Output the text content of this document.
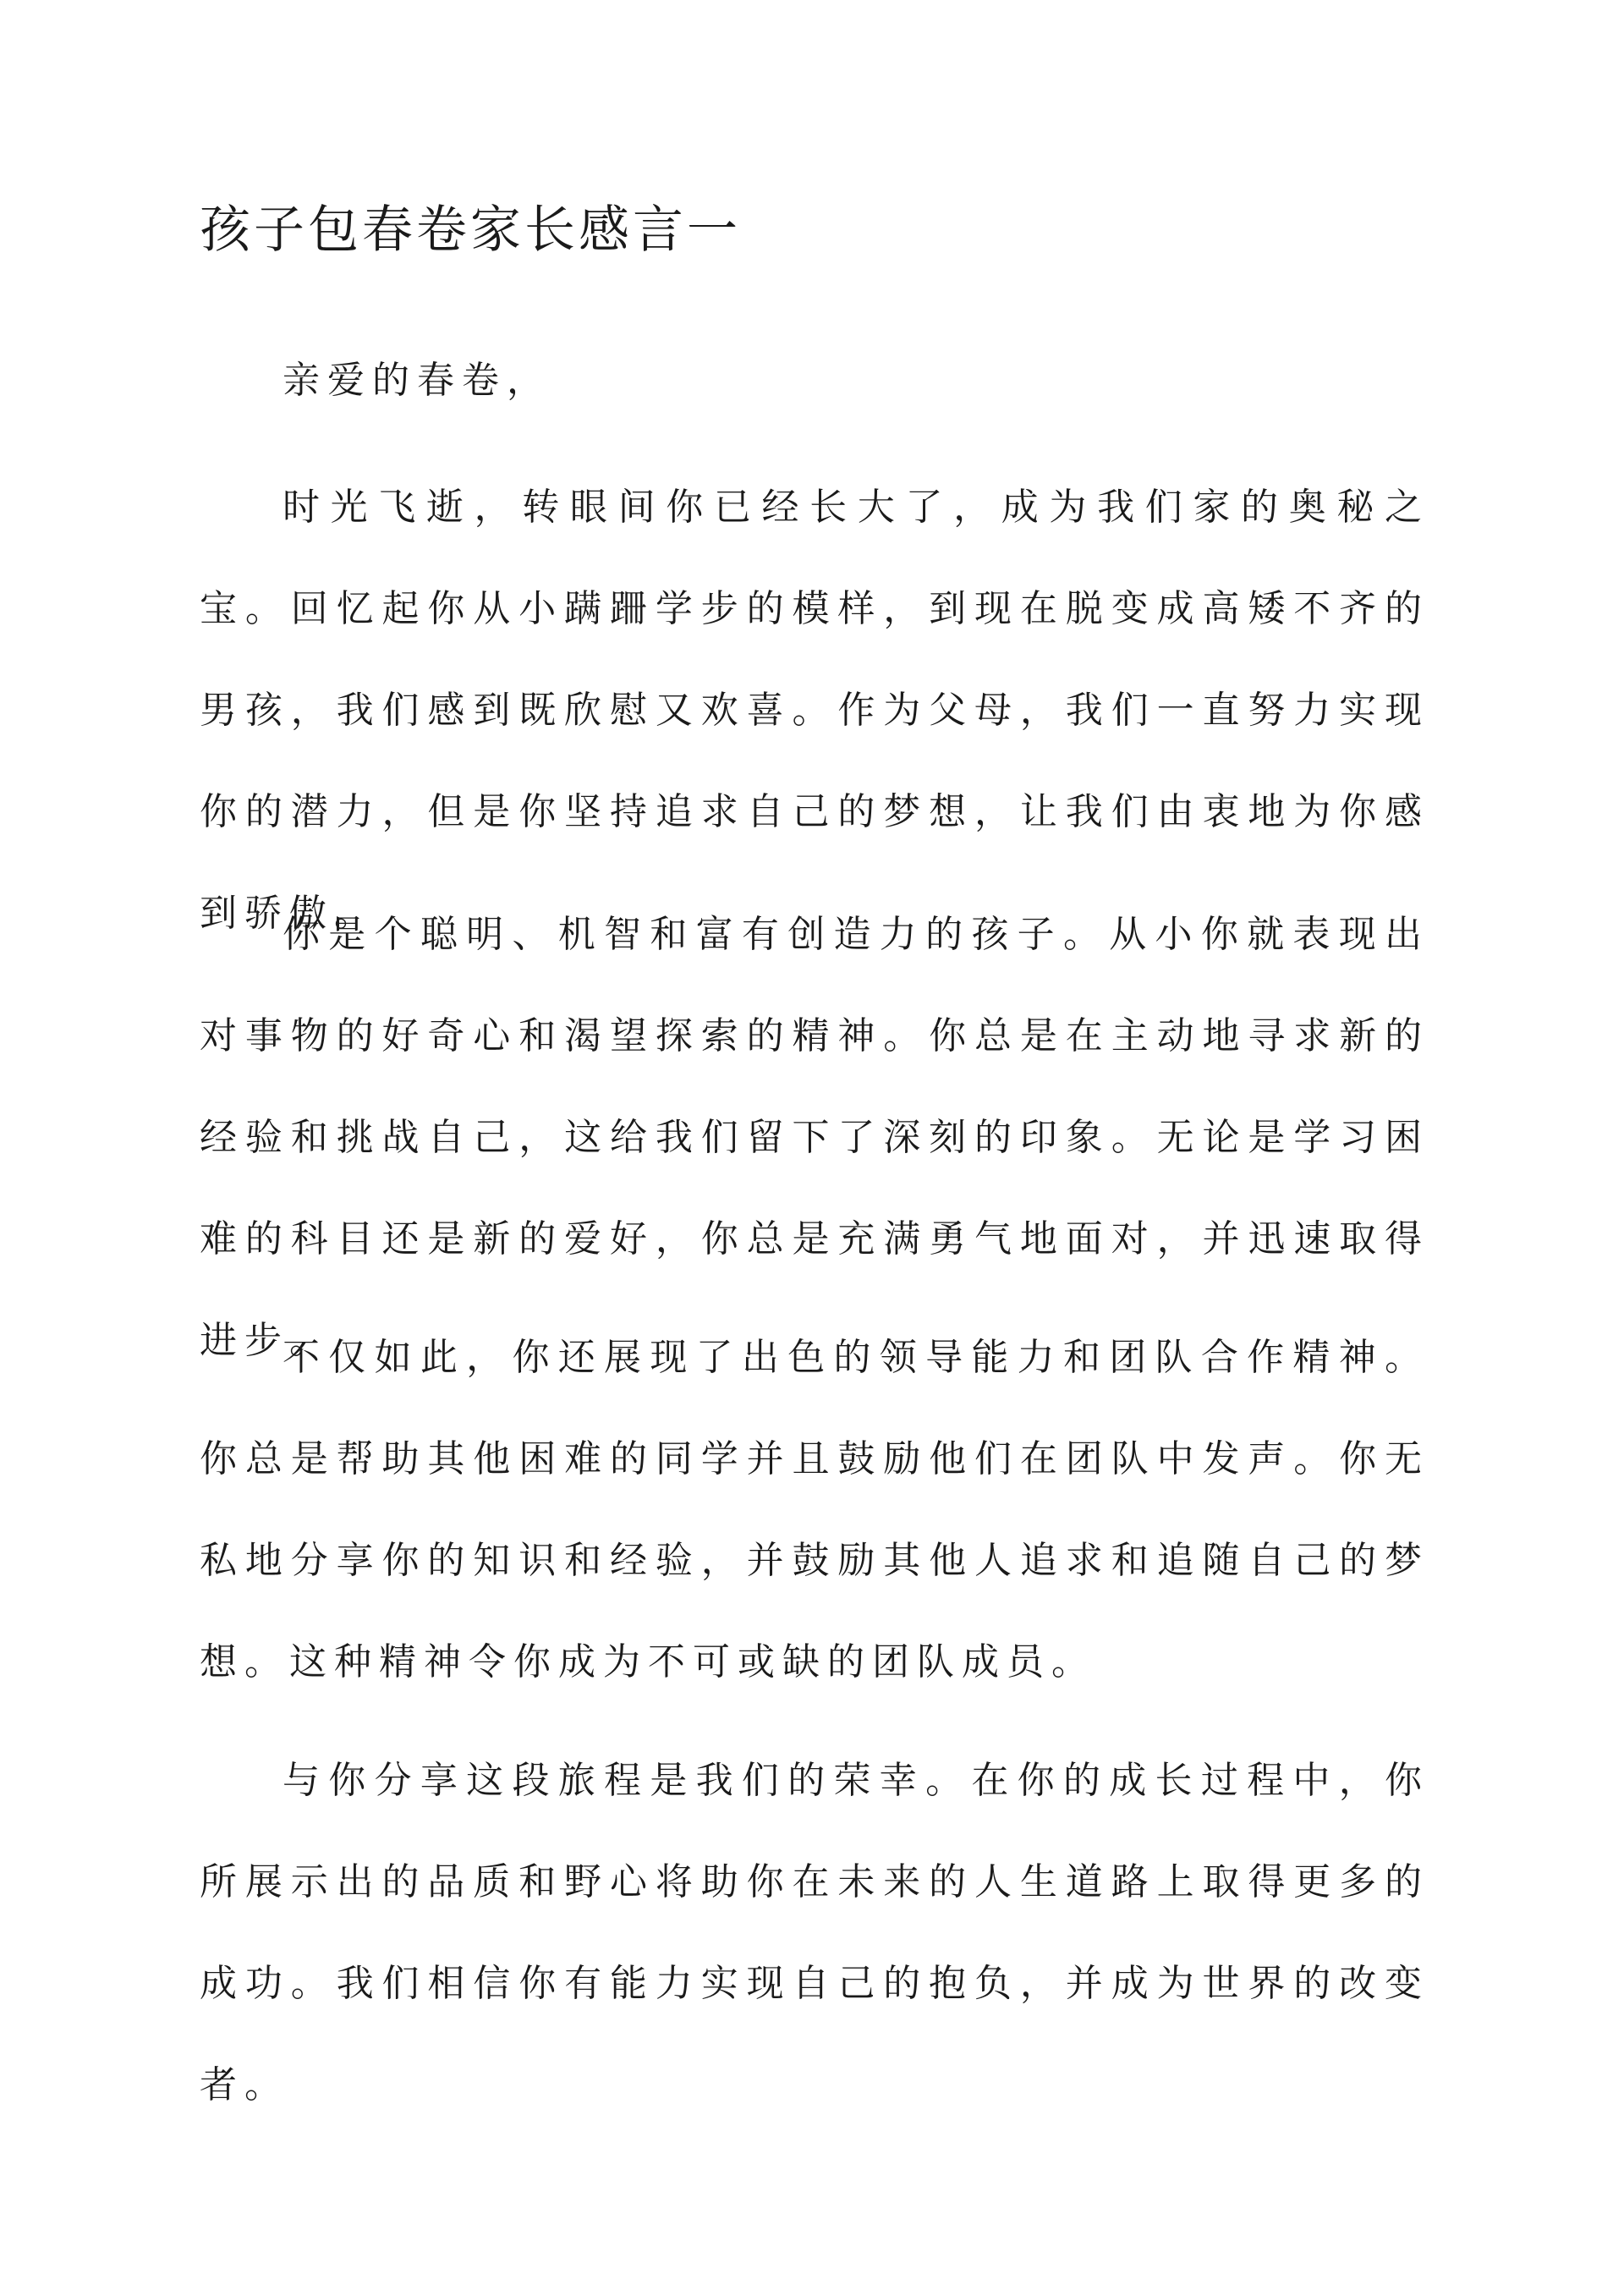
孩子包春卷家长感言一

亲爱的春卷，

时光飞逝，转眼间你已经长大了，成为我们家的奥秘之宝。回忆起你从小蹒跚学步的模样，到现在脱变成高矮不齐的男孩，我们感到既欣慰又欢喜。作为父母，我们一直努力实现你的潜力，但是你坚持追求自己的梦想，让我们由衷地为你感到骄傲。

你是个聪明、机智和富有创造力的孩子。从小你就表现出对事物的好奇心和渴望探索的精神。你总是在主动地寻求新的经验和挑战自己，这给我们留下了深刻的印象。无论是学习困难的科目还是新的爱好，你总是充满勇气地面对，并迅速取得进步。

不仅如此，你还展现了出色的领导能力和团队合作精神。你总是帮助其他困难的同学并且鼓励他们在团队中发声。你无私地分享你的知识和经验，并鼓励其他人追求和追随自己的梦想。这种精神令你成为不可或缺的团队成员。

与你分享这段旅程是我们的荣幸。在你的成长过程中，你所展示出的品质和野心将助你在未来的人生道路上取得更多的成功。我们相信你有能力实现自己的抱负，并成为世界的改变者。
